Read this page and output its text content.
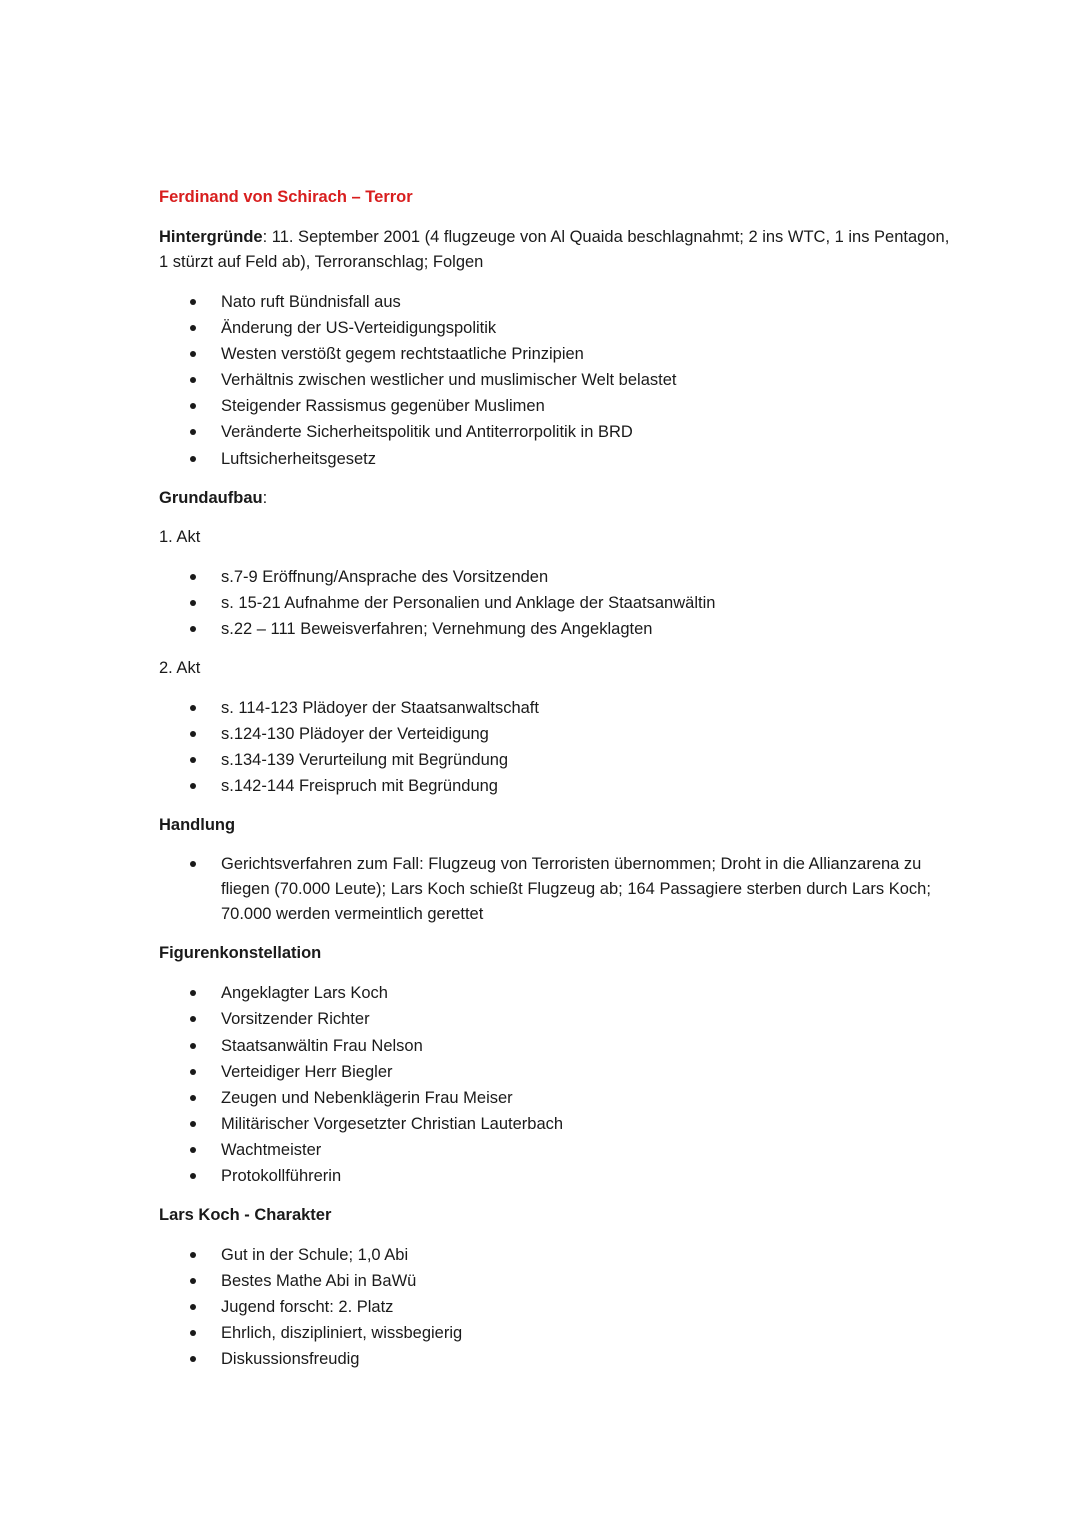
Ferdinand von Schirach – Terror
Hintergründe: 11. September 2001 (4 flugzeuge von Al Quaida beschlagnahmt; 2 ins WTC, 1 ins Pentagon, 1 stürzt auf Feld ab), Terroranschlag; Folgen
Nato ruft Bündnisfall aus
Änderung der US-Verteidigungspolitik
Westen verstößt gegem rechtstaatliche Prinzipien
Verhältnis zwischen westlicher und muslimischer Welt belastet
Steigender Rassismus gegenüber Muslimen
Veränderte Sicherheitspolitik und Antiterrorpolitik in BRD
Luftsicherheitsgesetz
Grundaufbau:
1. Akt
s.7-9 Eröffnung/Ansprache des Vorsitzenden
s. 15-21 Aufnahme der Personalien und Anklage der Staatsanwältin
s.22 – 111 Beweisverfahren; Vernehmung des Angeklagten
2. Akt
s. 114-123 Plädoyer der Staatsanwaltschaft
s.124-130 Plädoyer der Verteidigung
s.134-139 Verurteilung mit Begründung
s.142-144 Freispruch mit Begründung
Handlung
Gerichtsverfahren zum Fall: Flugzeug von Terroristen übernommen; Droht in die Allianzarena zu fliegen (70.000 Leute); Lars Koch schießt Flugzeug ab; 164 Passagiere sterben durch Lars Koch; 70.000 werden vermeintlich gerettet
Figurenkonstellation
Angeklagter Lars Koch
Vorsitzender Richter
Staatsanwältin Frau Nelson
Verteidiger Herr Biegler
Zeugen und Nebenklägerin Frau Meiser
Militärischer Vorgesetzter Christian Lauterbach
Wachtmeister
Protokollführerin
Lars Koch - Charakter
Gut in der Schule; 1,0 Abi
Bestes Mathe Abi in BaWü
Jugend forscht: 2. Platz
Ehrlich, diszipliniert, wissbegierig
Diskussionsfreudig
